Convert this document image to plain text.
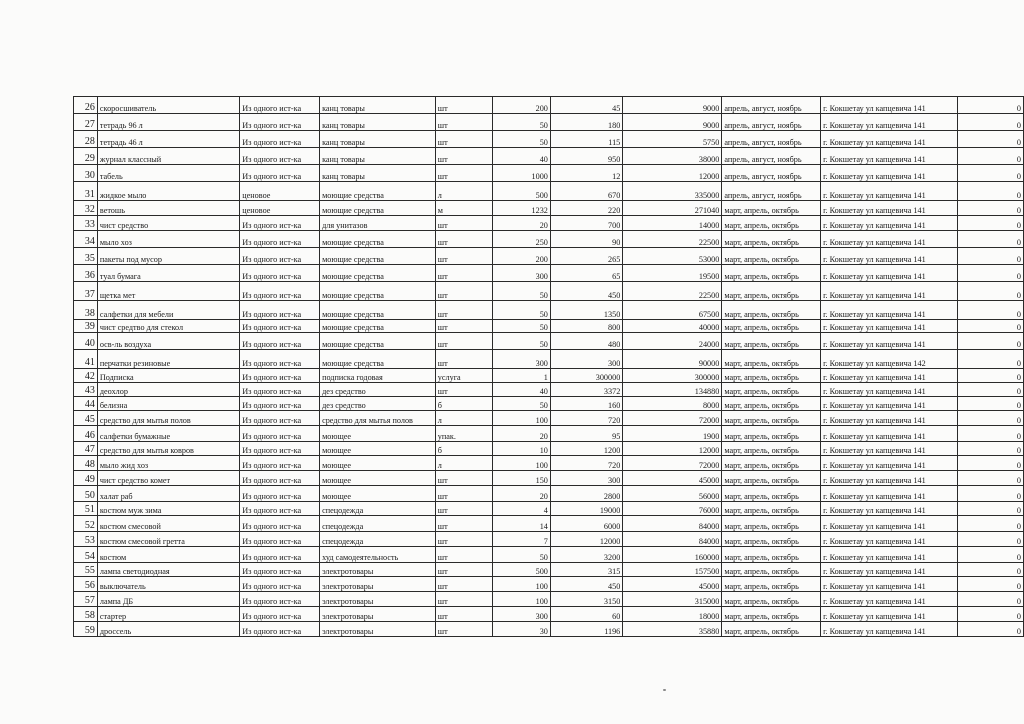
26	скоросшиватель	Из одного ист-ка	канц товары	шт	200	45	9000	апрель, август, ноябрь	г. Кокшетау ул капцевича 141	0
27	тетрадь 96 л	Из одного ист-ка	канц товары	шт	50	180	9000	апрель, август, ноябрь	г. Кокшетау ул капцевича 141	0
28	тетрадь 46 л	Из одного ист-ка	канц товары	шт	50	115	5750	апрель, август, ноябрь	г. Кокшетау ул капцевича 141	0
29	журнал классный	Из одного ист-ка	канц товары	шт	40	950	38000	апрель, август, ноябрь	г. Кокшетау ул капцевича 141	0
30	табель	Из одного ист-ка	канц товары	шт	1000	12	12000	апрель, август, ноябрь	г. Кокшетау ул капцевича 141	0
31	жидкое мыло	ценовое	моющие средства	л	500	670	335000	апрель, август, ноябрь	г. Кокшетау ул капцевича 141	0
32	ветошь	ценовое	моющие средства	м	1232	220	271040	март, апрель, октябрь	г. Кокшетау ул капцевича 141	0
33	чист средство	Из одного ист-ка	для унитазов	шт	20	700	14000	март, апрель, октябрь	г. Кокшетау ул капцевича 141	0
34	мыло хоз	Из одного ист-ка	моющие средства	шт	250	90	22500	март, апрель, октябрь	г. Кокшетау ул капцевича 141	0
35	пакеты под мусор	Из одного ист-ка	моющие средства	шт	200	265	53000	март, апрель, октябрь	г. Кокшетау ул капцевича 141	0
36	туал бумага	Из одного ист-ка	моющие средства	шт	300	65	19500	март, апрель, октябрь	г. Кокшетау ул капцевича 141	0
37	щетка мет	Из одного ист-ка	моющие средства	шт	50	450	22500	март, апрель, октябрь	г. Кокшетау ул капцевича 141	0
38	салфетки для мебели	Из одного ист-ка	моющие средства	шт	50	1350	67500	март, апрель, октябрь	г. Кокшетау ул капцевича 141	0
39	чист средтво для стекол	Из одного ист-ка	моющие средства	шт	50	800	40000	март, апрель, октябрь	г. Кокшетау ул капцевича 141	0
40	осв-ль воздуха	Из одного ист-ка	моющие средства	шт	50	480	24000	март, апрель, октябрь	г. Кокшетау ул капцевича 141	0
41	перчатки резиновые	Из одного ист-ка	моющие средства	шт	300	300	90000	март, апрель, октябрь	г. Кокшетау ул капцевича 142	0
42	Подписка	Из одного ист-ка	подписка годовая	услуга	1	300000	300000	март, апрель, октябрь	г. Кокшетау ул капцевича 141	0
43	деохлор	Из одного ист-ка	дез средство	шт	40	3372	134880	март, апрель, октябрь	г. Кокшетау ул капцевича 141	0
44	белизна	Из одного ист-ка	дез средство	б	50	160	8000	март, апрель, октябрь	г. Кокшетау ул капцевича 141	0
45	средство для мытья полов	Из одного ист-ка	средство для мытья полов	л	100	720	72000	март, апрель, октябрь	г. Кокшетау ул капцевича 141	0
46	салфетки бумажные	Из одного ист-ка	моющее	упак.	20	95	1900	март, апрель, октябрь	г. Кокшетау ул капцевича 141	0
47	средство для мытья ковров	Из одного ист-ка	моющее	б	10	1200	12000	март, апрель, октябрь	г. Кокшетау ул капцевича 141	0
48	мыло жид хоз	Из одного ист-ка	моющее	л	100	720	72000	март, апрель, октябрь	г. Кокшетау ул капцевича 141	0
49	чист средство комет	Из одного ист-ка	моющее	шт	150	300	45000	март, апрель, октябрь	г. Кокшетау ул капцевича 141	0
50	халат раб	Из одного ист-ка	моющее	шт	20	2800	56000	март, апрель, октябрь	г. Кокшетау ул капцевича 141	0
51	костюм муж зима	Из одного ист-ка	спецодежда	шт	4	19000	76000	март, апрель, октябрь	г. Кокшетау ул капцевича 141	0
52	костюм смесовой	Из одного ист-ка	спецодежда	шт	14	6000	84000	март, апрель, октябрь	г. Кокшетау ул капцевича 141	0
53	костюм смесовой гретта	Из одного ист-ка	спецодежда	шт	7	12000	84000	март, апрель, октябрь	г. Кокшетау ул капцевича 141	0
54	костюм	Из одного ист-ка	худ самодеятельность	шт	50	3200	160000	март, апрель, октябрь	г. Кокшетау ул капцевича 141	0
55	лампа светодиодная	Из одного ист-ка	электротовары	шт	500	315	157500	март, апрель, октябрь	г. Кокшетау ул капцевича 141	0
56	выключатель	Из одного ист-ка	электротовары	шт	100	450	45000	март, апрель, октябрь	г. Кокшетау ул капцевича 141	0
57	лампа ДБ	Из одного ист-ка	электротовары	шт	100	3150	315000	март, апрель, октябрь	г. Кокшетау ул капцевича 141	0
58	стартер	Из одного ист-ка	электротовары	шт	300	60	18000	март, апрель, октябрь	г. Кокшетау ул капцевича 141	0
59	дроссель	Из одного ист-ка	электротовары	шт	30	1196	35880	март, апрель, октябрь	г. Кокшетау ул капцевича 141	0
